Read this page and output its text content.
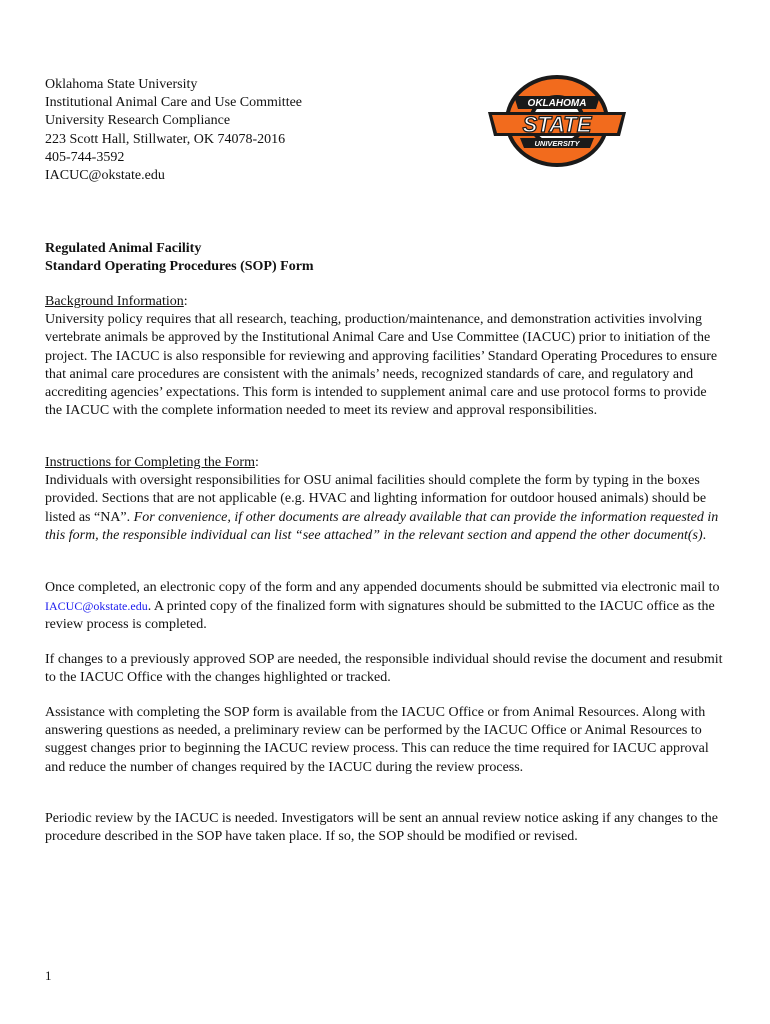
Oklahoma State University
Institutional Animal Care and Use Committee
University Research Compliance
223 Scott Hall, Stillwater, OK 74078-2016
405-744-3592
IACUC@okstate.edu
OKLAHOMA
STATE
UNIVERSITY
Regulated Animal Facility
Standard Operating Procedures (SOP) Form

Background Information:

University policy requires that all research, teaching, production/maintenance, and demonstration activities involving vertebrate animals be approved by the Institutional Animal Care and Use Committee (IACUC) prior to initiation of the project. The IACUC is also responsible for reviewing and approving facilities’ Standard Operating Procedures to ensure that animal care procedures are consistent with the animals’ needs, recognized standards of care, and regulatory and accrediting agencies’ expectations. This form is intended to supplement animal care and use protocol forms to provide the IACUC with the complete information needed to meet its review and approval responsibilities.

Instructions for Completing the Form:

Individuals with oversight responsibilities for OSU animal facilities should complete the form by typing in the boxes provided. Sections that are not applicable (e.g. HVAC and lighting information for outdoor housed animals) should be listed as “NA”. For convenience, if other documents are already available that can provide the information requested in this form, the responsible individual can list “see attached” in the relevant section and append the other document(s).

Once completed, an electronic copy of the form and any appended documents should be submitted via electronic mail to IACUC@okstate.edu. A printed copy of the finalized form with signatures should be submitted to the IACUC office as the review process is completed.

If changes to a previously approved SOP are needed, the responsible individual should revise the document and resubmit to the IACUC Office with the changes highlighted or tracked.

Assistance with completing the SOP form is available from the IACUC Office or from Animal Resources. Along with answering questions as needed, a preliminary review can be performed by the IACUC Office or Animal Resources to suggest changes prior to beginning the IACUC review process. This can reduce the time required for IACUC approval and reduce the number of changes required by the IACUC during the review process.

Periodic review by the IACUC is needed. Investigators will be sent an annual review notice asking if any changes to the procedure described in the SOP have taken place. If so, the SOP should be modified or revised.

1
